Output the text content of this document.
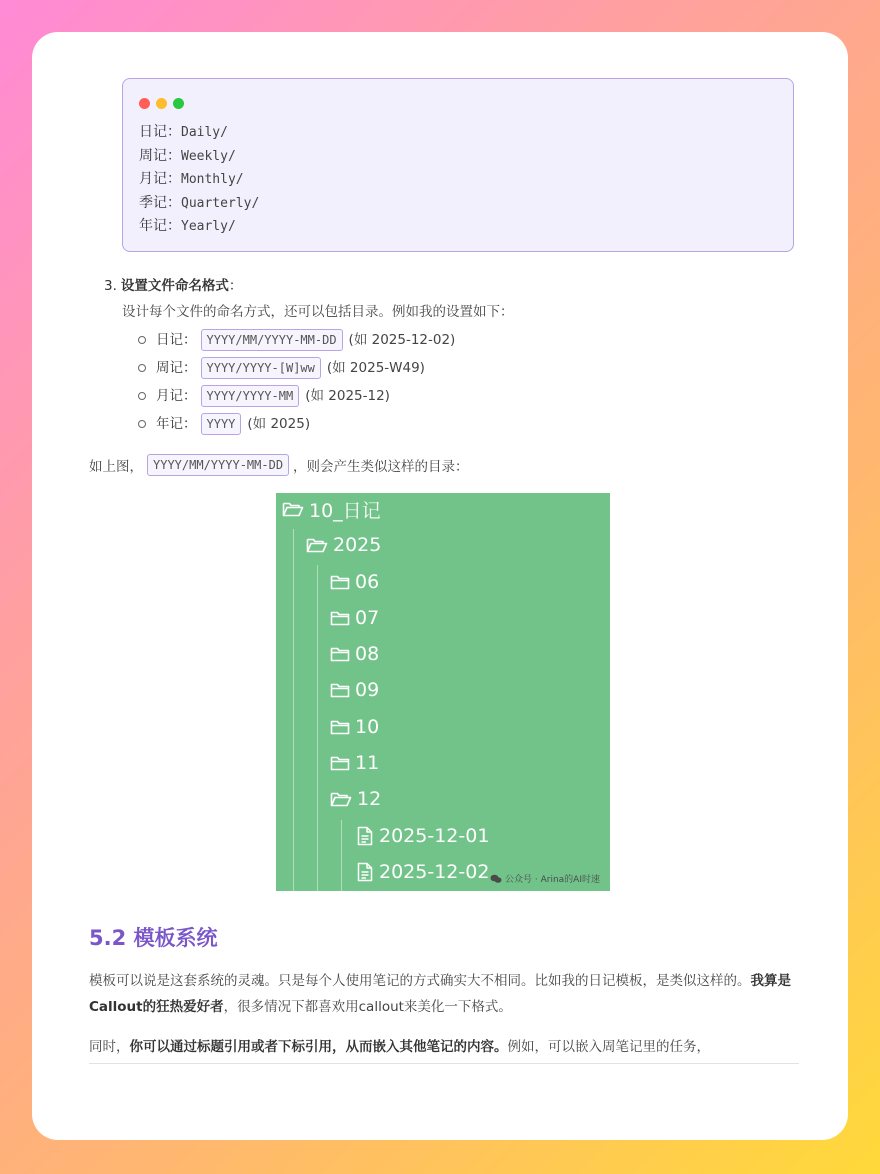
日记：Daily/
周记：Weekly/
月记：Monthly/
季记：Quarterly/
年记：Yearly/
3. 设置文件命名格式：
设计每个文件的命名方式，还可以包括目录。例如我的设置如下：
日记： YYYY/MM/YYYY-MM-DD (如 2025-12-02)
周记： YYYY/YYYY-[W]ww (如 2025-W49)
月记： YYYY/YYYY-MM (如 2025-12)
年记： YYYY (如 2025)
如上图， YYYY/MM/YYYY-MM-DD ，则会产生类似这样的目录：
10_日记
2025
06
07
08
09
10
11
12
2025-12-01
2025-12-02 公众号 · Arina的AI时速
5.2 模板系统
模板可以说是这套系统的灵魂。只是每个人使用笔记的方式确实大不相同。比如我的日记模板，是类似这样的。我算是Callout的狂热爱好者，很多情况下都喜欢用callout来美化一下格式。
同时，你可以通过标题引用或者下标引用，从而嵌入其他笔记的内容。例如，可以嵌入周笔记里的任务，
